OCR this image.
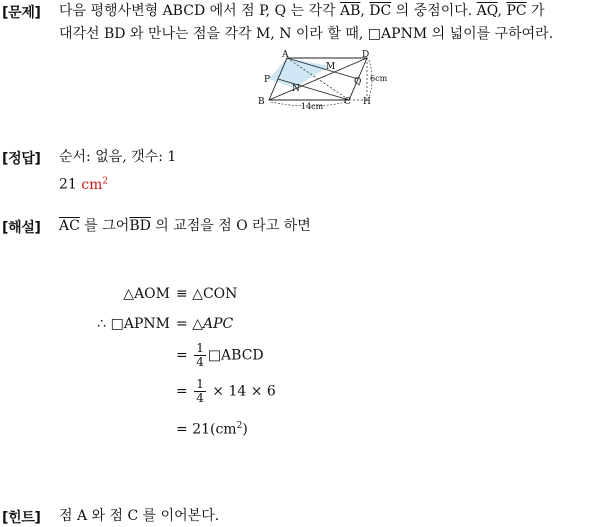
[문제] 다음 평행사변형 ABCD 에서 점 P, Q 는 각각 $\overline{AB}$, $\overline{DC}$ 의 중점이다. $\overline{AQ}$, $\overline{PC}$ 가
대각선 BD 와 만나는 점을 각각 M, N 이라 할 때, □APNM 의 넓이를 구하여라.
A	D
P
M
N
Q
B	C H
6cm
14cm
[정답] 순서: 없음, 갯수: 1
21 $cm^2$
[해설] $\overline{AC}$ 를 그어$\overline{BD}$ 의 교점을 점 O 라고 하면
△AOM ≡ △CON
∴ □APNM = △APC
= $\frac{1}{4}$ □ABCD
= $\frac{1}{4} \times 14 \times 6$
= $21(cm^2)$
[힌트] 점 A 와 점 C 를 이어본다.
